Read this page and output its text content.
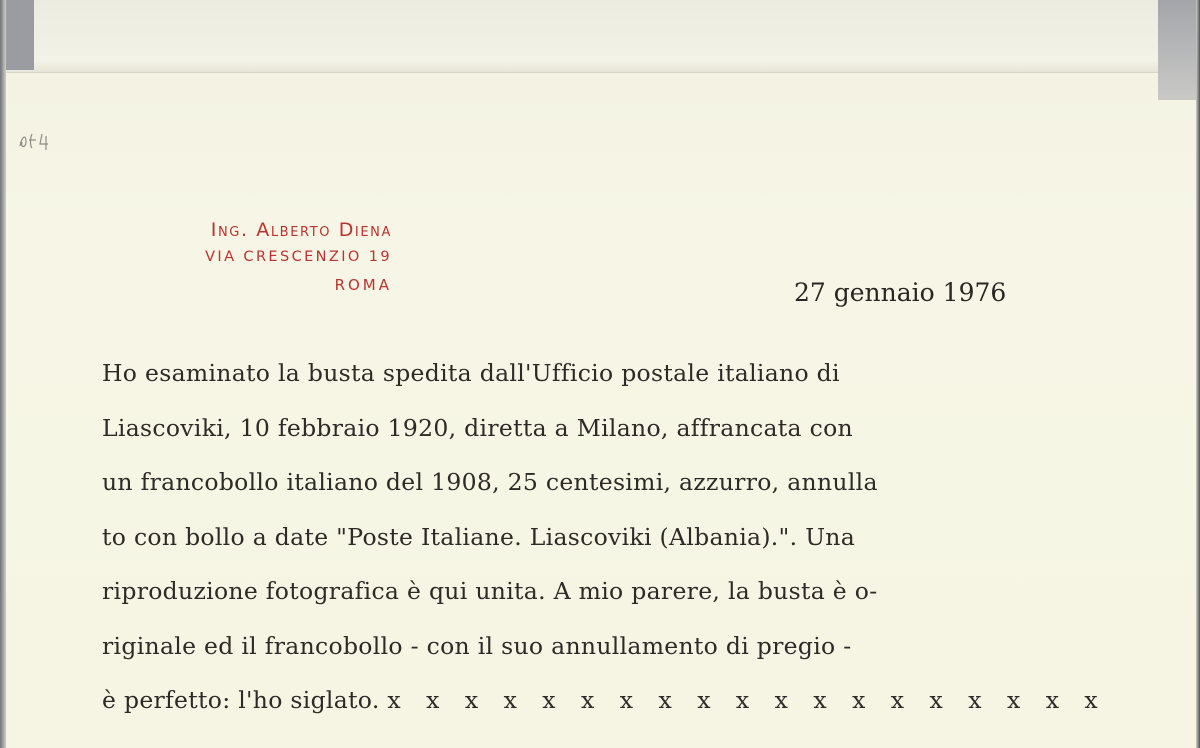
Ing. Alberto Diena
VIA CRESCENZIO 19
ROMA	27 gennaio 1976
Ho esaminato la busta spedita dall'Ufficio postale italiano di
Liascoviki, 10 febbraio 1920, diretta a Milano, affrancata con
un francobollo italiano del 1908, 25 centesimi, azzurro, annulla
to con bollo a date "Poste Italiane. Liascoviki (Albania).". Una
riproduzione fotografica è qui unita. A mio parere, la busta è o-
riginale ed il francobollo - con il suo annullamento di pregio -
è perfetto: l'ho siglato. x x x x x x x x x x x x x x x x x x x
